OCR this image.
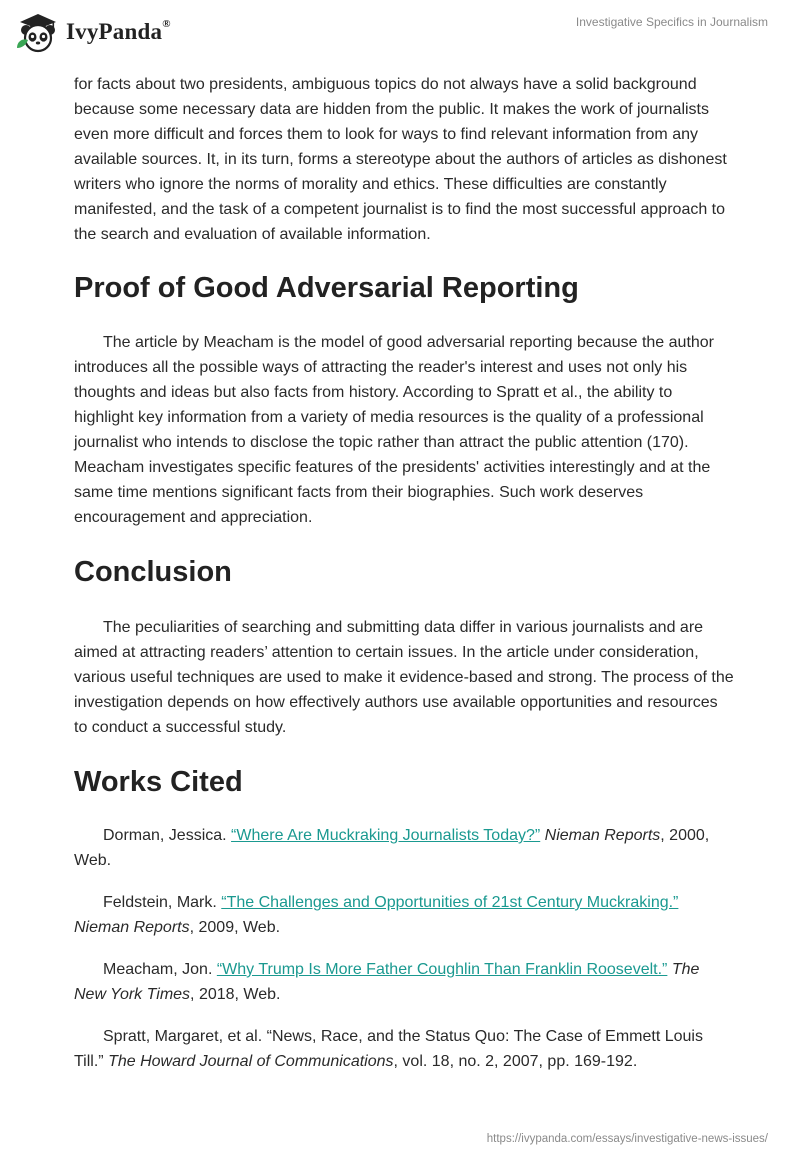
IvyPanda®	Investigative Specifics in Journalism

for facts about two presidents, ambiguous topics do not always have a solid background because some necessary data are hidden from the public. It makes the work of journalists even more difficult and forces them to look for ways to find relevant information from any available sources. It, in its turn, forms a stereotype about the authors of articles as dishonest writers who ignore the norms of morality and ethics. These difficulties are constantly manifested, and the task of a competent journalist is to find the most successful approach to the search and evaluation of available information.

Proof of Good Adversarial Reporting

The article by Meacham is the model of good adversarial reporting because the author introduces all the possible ways of attracting the reader's interest and uses not only his thoughts and ideas but also facts from history. According to Spratt et al., the ability to highlight key information from a variety of media resources is the quality of a professional journalist who intends to disclose the topic rather than attract the public attention (170). Meacham investigates specific features of the presidents' activities interestingly and at the same time mentions significant facts from their biographies. Such work deserves encouragement and appreciation.

Conclusion

The peculiarities of searching and submitting data differ in various journalists and are aimed at attracting readers’ attention to certain issues. In the article under consideration, various useful techniques are used to make it evidence-based and strong. The process of the investigation depends on how effectively authors use available opportunities and resources to conduct a successful study.

Works Cited

Dorman, Jessica. “Where Are Muckraking Journalists Today?” Nieman Reports, 2000, Web.

Feldstein, Mark. “The Challenges and Opportunities of 21st Century Muckraking.” Nieman Reports, 2009, Web.

Meacham, Jon. “Why Trump Is More Father Coughlin Than Franklin Roosevelt.” The New York Times, 2018, Web.

Spratt, Margaret, et al. “News, Race, and the Status Quo: The Case of Emmett Louis Till.” The Howard Journal of Communications, vol. 18, no. 2, 2007, pp. 169-192.

https://ivypanda.com/essays/investigative-news-issues/
